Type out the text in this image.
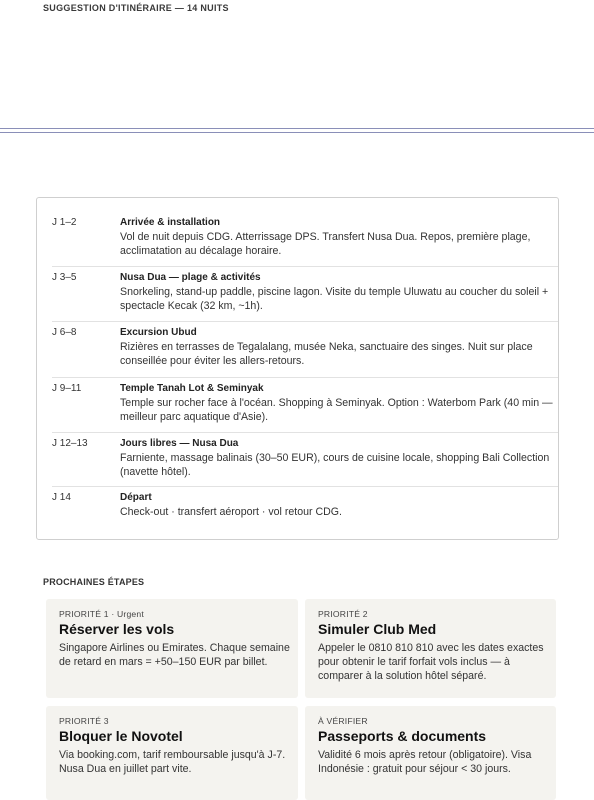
SUGGESTION D'ITINÉRAIRE — 14 NUITS
J 1–2	Arrivée & installation
Vol de nuit depuis CDG. Atterrissage DPS. Transfert Nusa Dua. Repos, première plage, acclimatation au décalage horaire.
J 3–5	Nusa Dua — plage & activités
Snorkeling, stand-up paddle, piscine lagon. Visite du temple Uluwatu au coucher du soleil + spectacle Kecak (32 km, ~1h).
J 6–8	Excursion Ubud
Rizières en terrasses de Tegalalang, musée Neka, sanctuaire des singes. Nuit sur place conseillée pour éviter les allers-retours.
J 9–11	Temple Tanah Lot & Seminyak
Temple sur rocher face à l'océan. Shopping à Seminyak. Option : Waterbom Park (40 min — meilleur parc aquatique d'Asie).
J 12–13	Jours libres — Nusa Dua
Farniente, massage balinais (30–50 EUR), cours de cuisine locale, shopping Bali Collection (navette hôtel).
J 14	Départ
Check-out · transfert aéroport · vol retour CDG.
PROCHAINES ÉTAPES
PRIORITÉ 1 · Urgent
Réserver les vols
Singapore Airlines ou Emirates. Chaque semaine de retard en mars = +50–150 EUR par billet.
PRIORITÉ 2
Simuler Club Med
Appeler le 0810 810 810 avec les dates exactes pour obtenir le tarif forfait vols inclus — à comparer à la solution hôtel séparé.
PRIORITÉ 3
Bloquer le Novotel
Via booking.com, tarif remboursable jusqu'à J-7. Nusa Dua en juillet part vite.
À VÉRIFIER
Passeports & documents
Validité 6 mois après retour (obligatoire). Visa Indonésie : gratuit pour séjour < 30 jours.
